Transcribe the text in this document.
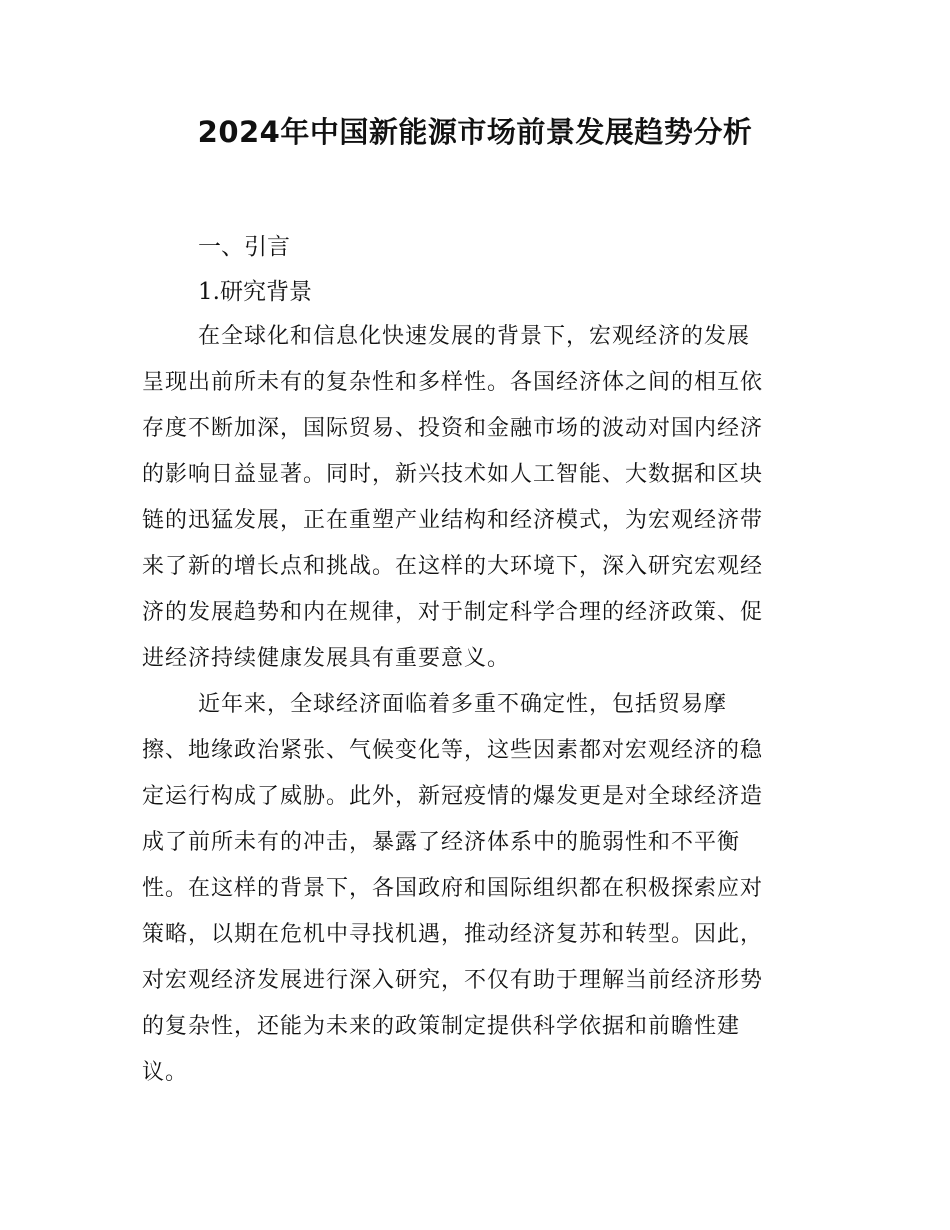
2024年中国新能源市场前景发展趋势分析
一、引言
1.研究背景
在全球化和信息化快速发展的背景下，宏观经济的发展
呈现出前所未有的复杂性和多样性。各国经济体之间的相互依
存度不断加深，国际贸易、投资和金融市场的波动对国内经济
的影响日益显著。同时，新兴技术如人工智能、大数据和区块
链的迅猛发展，正在重塑产业结构和经济模式，为宏观经济带
来了新的增长点和挑战。在这样的大环境下，深入研究宏观经
济的发展趋势和内在规律，对于制定科学合理的经济政策、促
进经济持续健康发展具有重要意义。
近年来，全球经济面临着多重不确定性，包括贸易摩
擦、地缘政治紧张、气候变化等，这些因素都对宏观经济的稳
定运行构成了威胁。此外，新冠疫情的爆发更是对全球经济造
成了前所未有的冲击，暴露了经济体系中的脆弱性和不平衡
性。在这样的背景下，各国政府和国际组织都在积极探索应对
策略，以期在危机中寻找机遇，推动经济复苏和转型。因此，
对宏观经济发展进行深入研究，不仅有助于理解当前经济形势
的复杂性，还能为未来的政策制定提供科学依据和前瞻性建
议。
